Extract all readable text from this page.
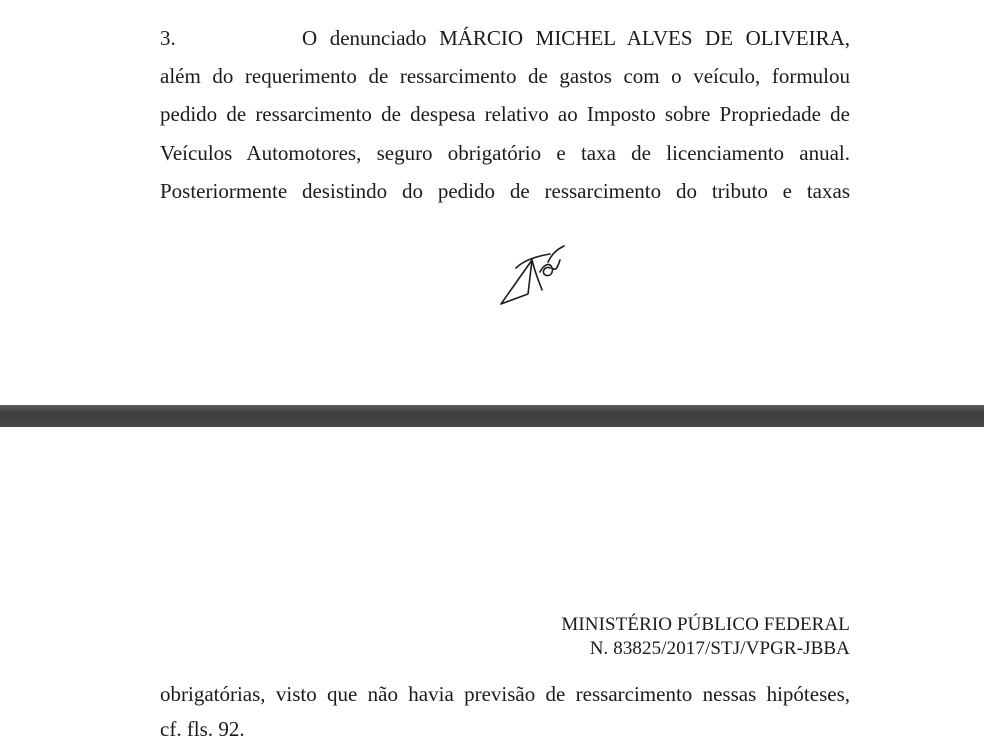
3.	O denunciado MÁRCIO MICHEL ALVES DE OLIVEIRA,
além do requerimento de ressarcimento de gastos com o veículo, formulou
pedido de ressarcimento de despesa relativo ao Imposto sobre Propriedade de
Veículos Automotores, seguro obrigatório e taxa de licenciamento anual.
Posteriormente desistindo do pedido de ressarcimento do tributo e taxas
MINISTÉRIO PÚBLICO FEDERAL
N. 83825/2017/STJ/VPGR-JBBA
obrigatórias, visto que não havia previsão de ressarcimento nessas hipóteses,
cf. fls. 92.
